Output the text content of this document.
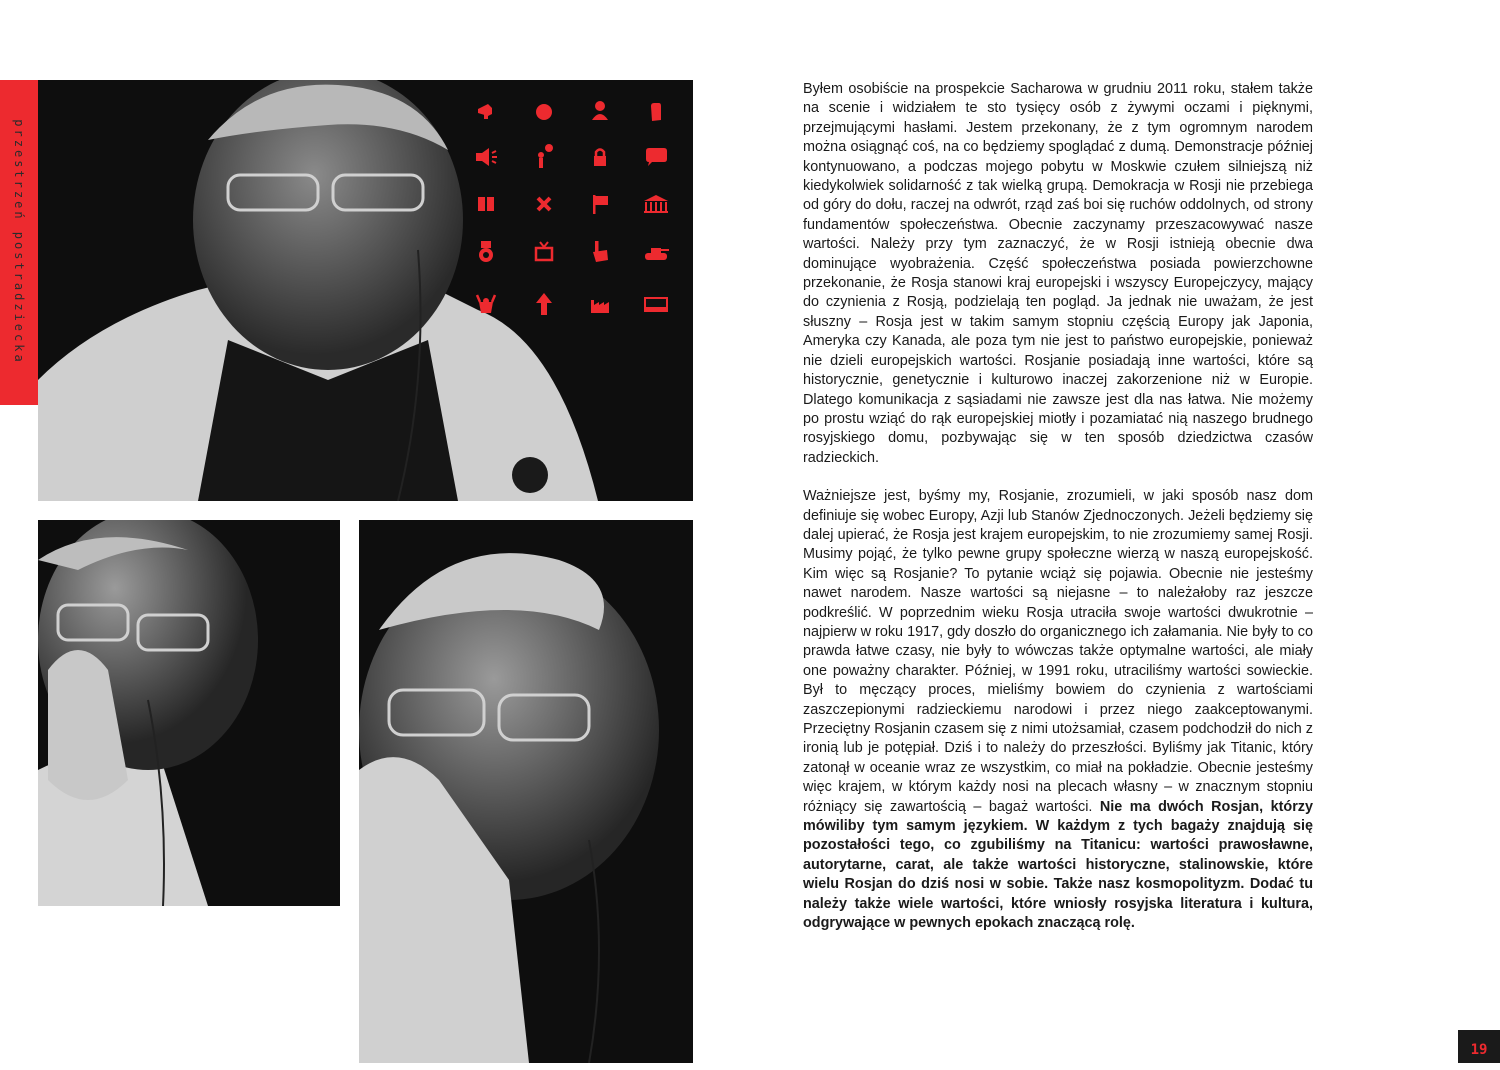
przestrzeń postradziecka

Byłem osobiście na prospekcie Sacharowa w grudniu 2011 roku, stałem także na scenie i widziałem te sto tysięcy osób z żywymi oczami i pięknymi, przejmującymi hasłami. Jestem przekonany, że z tym ogromnym narodem można osiągnąć coś, na co będziemy spoglądać z dumą. Demonstracje później kontynuowano, a podczas mojego pobytu w Moskwie czułem silniejszą niż kiedykolwiek solidarność z tak wielką grupą. Demokracja w Rosji nie przebiega od góry do dołu, raczej na odwrót, rząd zaś boi się ruchów oddolnych, od strony fundamentów społeczeństwa. Obecnie zaczynamy przeszacowywać nasze wartości. Należy przy tym zaznaczyć, że w Rosji istnieją obecnie dwa dominujące wyobrażenia. Część społeczeństwa posiada powierzchowne przekonanie, że Rosja stanowi kraj europejski i wszyscy Europejczycy, mający do czynienia z Rosją, podzielają ten pogląd. Ja jednak nie uważam, że jest słuszny – Rosja jest w takim samym stopniu częścią Europy jak Japonia, Ameryka czy Kanada, ale poza tym nie jest to państwo europejskie, ponieważ nie dzieli europejskich wartości. Rosjanie posiadają inne wartości, które są historycznie, genetycznie i kulturowo inaczej zakorzenione niż w Europie. Dlatego komunikacja z sąsiadami nie zawsze jest dla nas łatwa. Nie możemy po prostu wziąć do rąk europejskiej miotły i pozamiatać nią naszego brudnego rosyjskiego domu, pozbywając się w ten sposób dziedzictwa czasów radzieckich.

Ważniejsze jest, byśmy my, Rosjanie, zrozumieli, w jaki sposób nasz dom definiuje się wobec Europy, Azji lub Stanów Zjednoczonych. Jeżeli będziemy się dalej upierać, że Rosja jest krajem europejskim, to nie zrozumiemy samej Rosji. Musimy pojąć, że tylko pewne grupy społeczne wierzą w naszą europejskość. Kim więc są Rosjanie? To pytanie wciąż się pojawia. Obecnie nie jesteśmy nawet narodem. Nasze wartości są niejasne – to należałoby raz jeszcze podkreślić. W poprzednim wieku Rosja utraciła swoje wartości dwukrotnie – najpierw w roku 1917, gdy doszło do organicznego ich załamania. Nie były to co prawda łatwe czasy, nie były to wówczas także optymalne wartości, ale miały one poważny charakter. Później, w 1991 roku, utraciliśmy wartości sowieckie. Był to męczący proces, mieliśmy bowiem do czynienia z wartościami zaszczepionymi radzieckiemu narodowi i przez niego zaakceptowanymi. Przeciętny Rosjanin czasem się z nimi utożsamiał, czasem podchodził do nich z ironią lub je potępiał. Dziś i to należy do przeszłości. Byliśmy jak Titanic, który zatonął w oceanie wraz ze wszystkim, co miał na pokładzie. Obecnie jesteśmy więc krajem, w którym każdy nosi na plecach własny – w znacznym stopniu różniący się zawartością – bagaż wartości. Nie ma dwóch Rosjan, którzy mówiliby tym samym językiem. W każdym z tych bagaży znajdują się pozostałości tego, co zgubiliśmy na Titanicu: wartości prawosławne, autorytarne, carat, ale także wartości historyczne, stalinowskie, które wielu Rosjan do dziś nosi w sobie. Także nasz kosmopolityzm. Dodać tu należy także wiele wartości, które wniosły rosyjska literatura i kultura, odgrywające w pewnych epokach znaczącą rolę.

19
